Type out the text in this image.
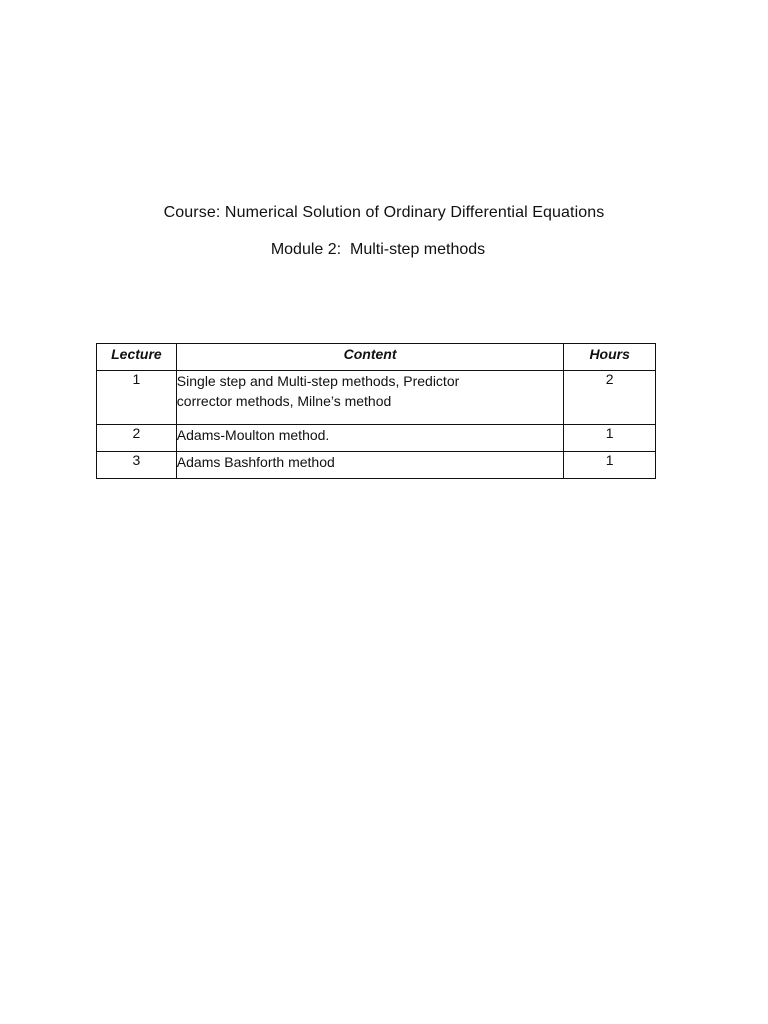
Course: Numerical Solution of Ordinary Differential Equations
Module 2:  Multi-step methods
Lecture	Content	Hours
1	Single step and Multi-step methods, Predictor corrector methods, Milne’s method	2
2	Adams-Moulton method.	1
3	Adams Bashforth method	1
